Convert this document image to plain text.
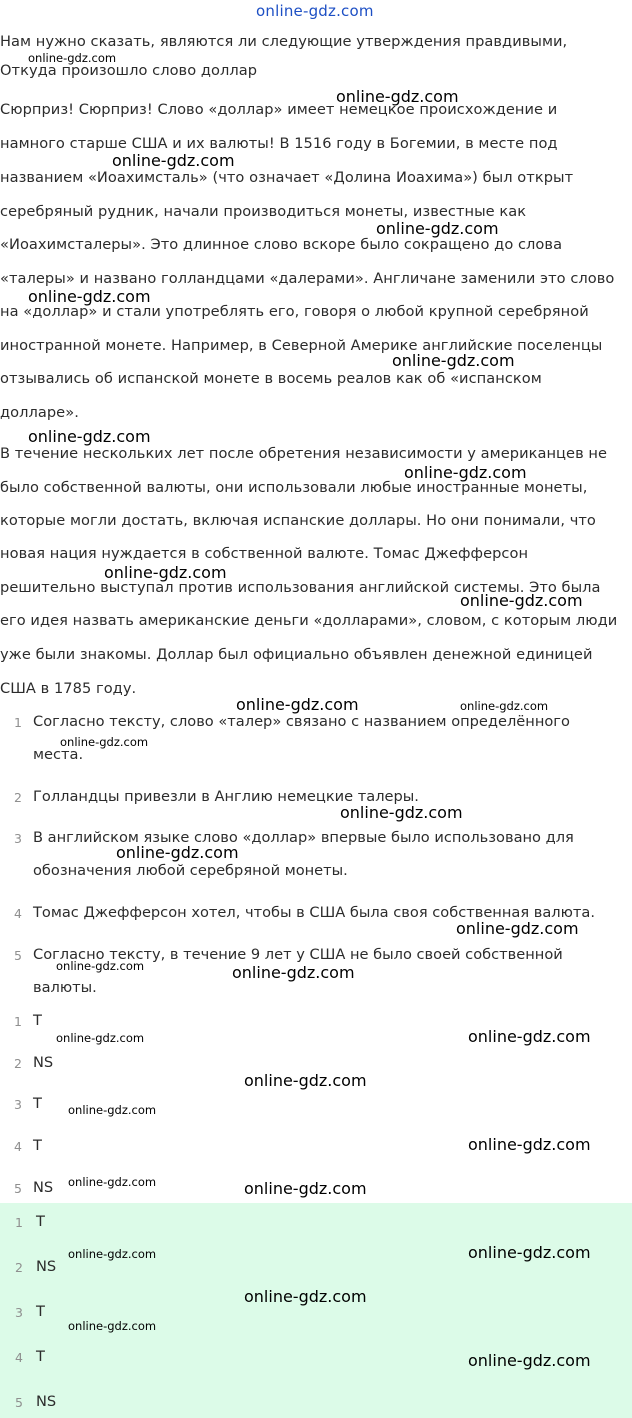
online-gdz.com
Нам нужно сказать, являются ли следующие утверждения правдивыми,
Откуда произошло слово доллар
Сюрприз! Сюрприз! Слово «доллар» имеет немецкое происхождение и
намного старше США и их валюты! В 1516 году в Богемии, в месте под
названием «Иоахимсталь» (что означает «Долина Иоахима») был открыт
серебряный рудник, начали производиться монеты, известные как
«Иоахимсталеры». Это длинное слово вскоре было сокращено до слова
«талеры» и названо голландцами «далерами». Англичане заменили это слово
на «доллар» и стали употреблять его, говоря о любой крупной серебряной
иностранной монете. Например, в Северной Америке английские поселенцы
отзывались об испанской монете в восемь реалов как об «испанском
долларе».
В течение нескольких лет после обретения независимости у американцев не
было собственной валюты, они использовали любые иностранные монеты,
которые могли достать, включая испанские доллары. Но они понимали, что
новая нация нуждается в собственной валюте. Томас Джефферсон
решительно выступал против использования английской системы. Это была
его идея назвать американские деньги «долларами», словом, с которым люди
уже были знакомы. Доллар был официально объявлен денежной единицей
США в 1785 году.
1 Согласно тексту, слово «талер» связано с названием определённого
места.
2 Голландцы привезли в Англию немецкие талеры.
3 В английском языке слово «доллар» впервые было использовано для
обозначения любой серебряной монеты.
4 Томас Джефферсон хотел, чтобы в США была своя собственная валюта.
5 Согласно тексту, в течение 9 лет у США не было своей собственной
валюты.
1 T
2 NS
3 T
4 T
5 NS
1 T
2 NS
3 T
4 T
5 NS
online-gdz.com
online-gdz.com
online-gdz.com
online-gdz.com
online-gdz.com
online-gdz.com
online-gdz.com
online-gdz.com
online-gdz.com
online-gdz.com
online-gdz.com	online-gdz.com
online-gdz.com
online-gdz.com
online-gdz.com
online-gdz.com
online-gdz.com	online-gdz.com
online-gdz.com
online-gdz.com
online-gdz.com
online-gdz.com
online-gdz.com
online-gdz.com	online-gdz.com
online-gdz.com
online-gdz.com
online-gdz.com
online-gdz.com
online-gdz.com
